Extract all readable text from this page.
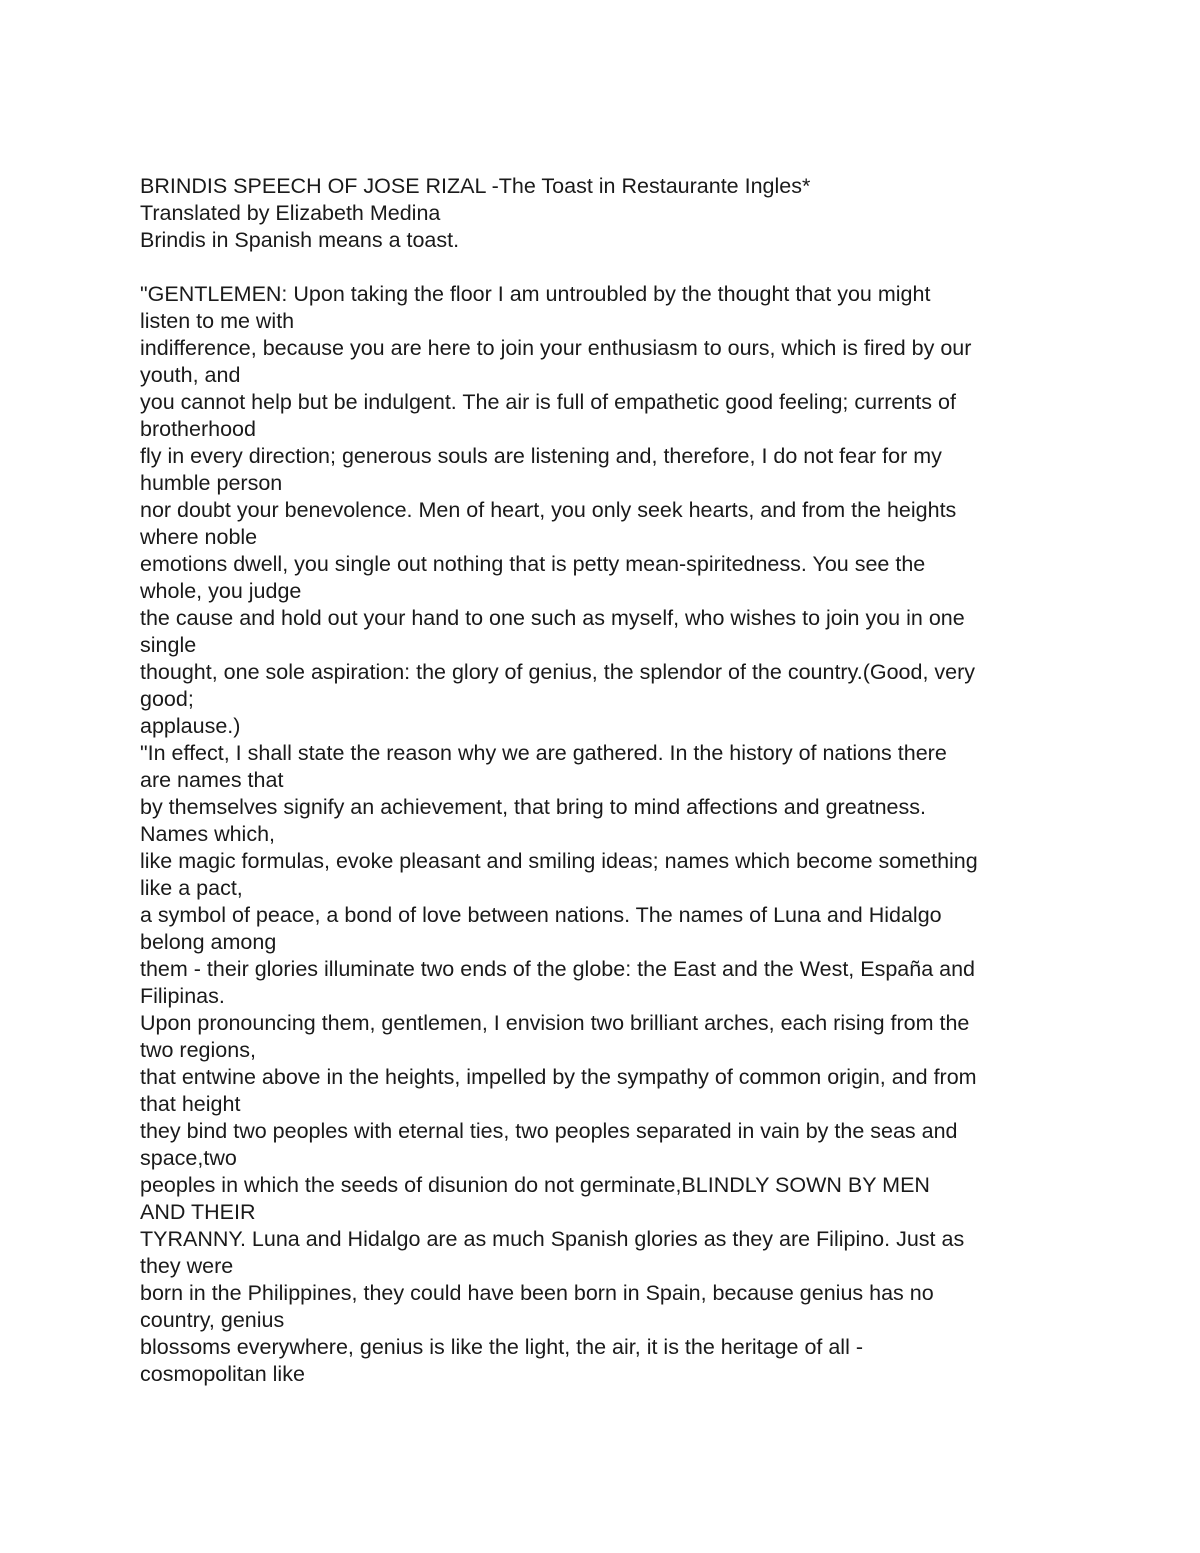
BRINDIS SPEECH OF JOSE RIZAL -The Toast in Restaurante Ingles*
Translated by Elizabeth Medina
Brindis in Spanish means a toast.
"GENTLEMEN: Upon taking the floor I am untroubled by the thought that you might
listen to me with
indifference, because you are here to join your enthusiasm to ours, which is fired by our
youth, and
you cannot help but be indulgent. The air is full of empathetic good feeling; currents of
brotherhood
fly in every direction; generous souls are listening and, therefore, I do not fear for my
humble person
nor doubt your benevolence. Men of heart, you only seek hearts, and from the heights
where noble
emotions dwell, you single out nothing that is petty mean-spiritedness. You see the
whole, you judge
the cause and hold out your hand to one such as myself, who wishes to join you in one
single
thought, one sole aspiration: the glory of genius, the splendor of the country.(Good, very
good;
applause.)
"In effect, I shall state the reason why we are gathered. In the history of nations there
are names that
by themselves signify an achievement, that bring to mind affections and greatness.
Names which,
like magic formulas, evoke pleasant and smiling ideas; names which become something
like a pact,
a symbol of peace, a bond of love between nations. The names of Luna and Hidalgo
belong among
them - their glories illuminate two ends of the globe: the East and the West, España and
Filipinas.
Upon pronouncing them, gentlemen, I envision two brilliant arches, each rising from the
two regions,
that entwine above in the heights, impelled by the sympathy of common origin, and from
that height
they bind two peoples with eternal ties, two peoples separated in vain by the seas and
space,two
peoples in which the seeds of disunion do not germinate,BLINDLY SOWN BY MEN
AND THEIR
TYRANNY. Luna and Hidalgo are as much Spanish glories as they are Filipino. Just as
they were
born in the Philippines, they could have been born in Spain, because genius has no
country, genius
blossoms everywhere, genius is like the light, the air, it is the heritage of all -
cosmopolitan like
